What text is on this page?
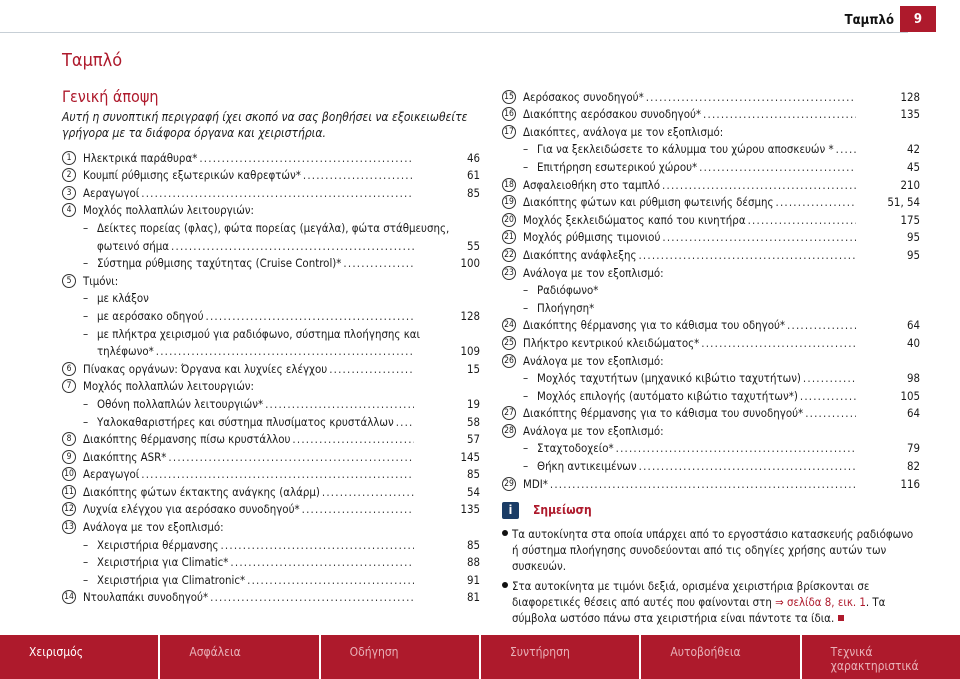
Ταμπλό	9
Ταμπλό
Γενική άποψη
Αυτή η συνοπτική περιγραφή ίχει σκοπό να σας βοηθήσει να εξοικειωθείτε γρήγορα με τα διάφορα όργανα και χειριστήρια.
1	Ηλεκτρικά παράθυρα* .....	46
2	Κουμπί ρύθμισης εξωτερικών καθρεφτών* .....	61
3	Αεραγωγοί .....	85
4	Μοχλός πολλαπλών λειτουργιών:
– Δείκτες πορείας (φλας), φώτα πορείας (μεγάλα), φώτα στάθμευσης,
φωτεινό σήμα .....	55
– Σύστημα ρύθμισης ταχύτητας (Cruise Control)* .....	100
5	Τιμόνι:
– με κλάξον
– με αερόσακο οδηγού .....	128
– με πλήκτρα χειρισμού για ραδιόφωνο, σύστημα πλοήγησης και
τηλέφωνο* .....	109
6	Πίνακας οργάνων: Όργανα και λυχνίες ελέγχου .....	15
7	Μοχλός πολλαπλών λειτουργιών:
– Οθόνη πολλαπλών λειτουργιών* .....	19
– Υαλοκαθαριστήρες και σύστημα πλυσίματος κρυστάλλων .....	58
8	Διακόπτης θέρμανσης πίσω κρυστάλλου .....	57
9	Διακόπτης ASR* .....	145
10 Αεραγωγοί .....	85
11 Διακόπτης φώτων έκτακτης ανάγκης (αλάρμ) .....	54
12 Λυχνία ελέγχου για αερόσακο συνοδηγού* .....	135
13 Ανάλογα με τον εξοπλισμό:
– Χειριστήρια θέρμανσης .....	85
– Χειριστήρια για Climatic* .....	88
– Χειριστήρια για Climatronic* .....	91
14 Ντουλαπάκι συνοδηγού* .....	81
15 Αερόσακος συνοδηγού* .....	128
16 Διακόπτης αερόσακου συνοδηγού* .....	135
17 Διακόπτες, ανάλογα με τον εξοπλισμό:
– Για να ξεκλειδώσετε το κάλυμμα του χώρου αποσκευών * .....	42
– Επιτήρηση εσωτερικού χώρου* .....	45
18 Ασφαλειοθήκη στο ταμπλό .....	210
19 Διακόπτης φώτων και ρύθμιση φωτεινής δέσμης .....	51, 54
20 Μοχλός ξεκλειδώματος καπό του κινητήρα .....	175
21 Μοχλός ρύθμισης τιμονιού .....	95
22 Διακόπτης ανάφλεξης .....	95
23 Ανάλογα με τον εξοπλισμό:
– Ραδιόφωνο*
– Πλοήγηση*
24 Διακόπτης θέρμανσης για το κάθισμα του οδηγού* .....	64
25 Πλήκτρο κεντρικού κλειδώματος* .....	40
26 Ανάλογα με τον εξοπλισμό:
– Μοχλός ταχυτήτων (μηχανικό κιβώτιο ταχυτήτων) .....	98
– Μοχλός επιλογής (αυτόματο κιβώτιο ταχυτήτων*) .....	105
27 Διακόπτης θέρμανσης για το κάθισμα του συνοδηγού* .....	64
28 Ανάλογα με τον εξοπλισμό:
– Σταχτοδοχείο* .....	79
– Θήκη αντικειμένων .....	82
29 MDI* .....	116
i	Σημείωση
Τα αυτοκίνητα στα οποία υπάρχει από το εργοστάσιο κατασκευής ραδιόφωνο ή σύστημα πλοήγησης συνοδεύονται από τις οδηγίες χρήσης αυτών των συσκευών.
Στα αυτοκίνητα με τιμόνι δεξιά, ορισμένα χειριστήρια βρίσκονται σε διαφορετικές θέσεις από αυτές που φαίνονται στη ⇒ σελίδα 8, εικ. 1. Τα σύμβολα ωστόσο πάνω στα χειριστήρια είναι πάντοτε τα ίδια.
Χειρισμός	Ασφάλεια	Οδήγηση	Συντήρηση	Αυτοβοήθεια	Τεχνικά χαρακτηριστικά
